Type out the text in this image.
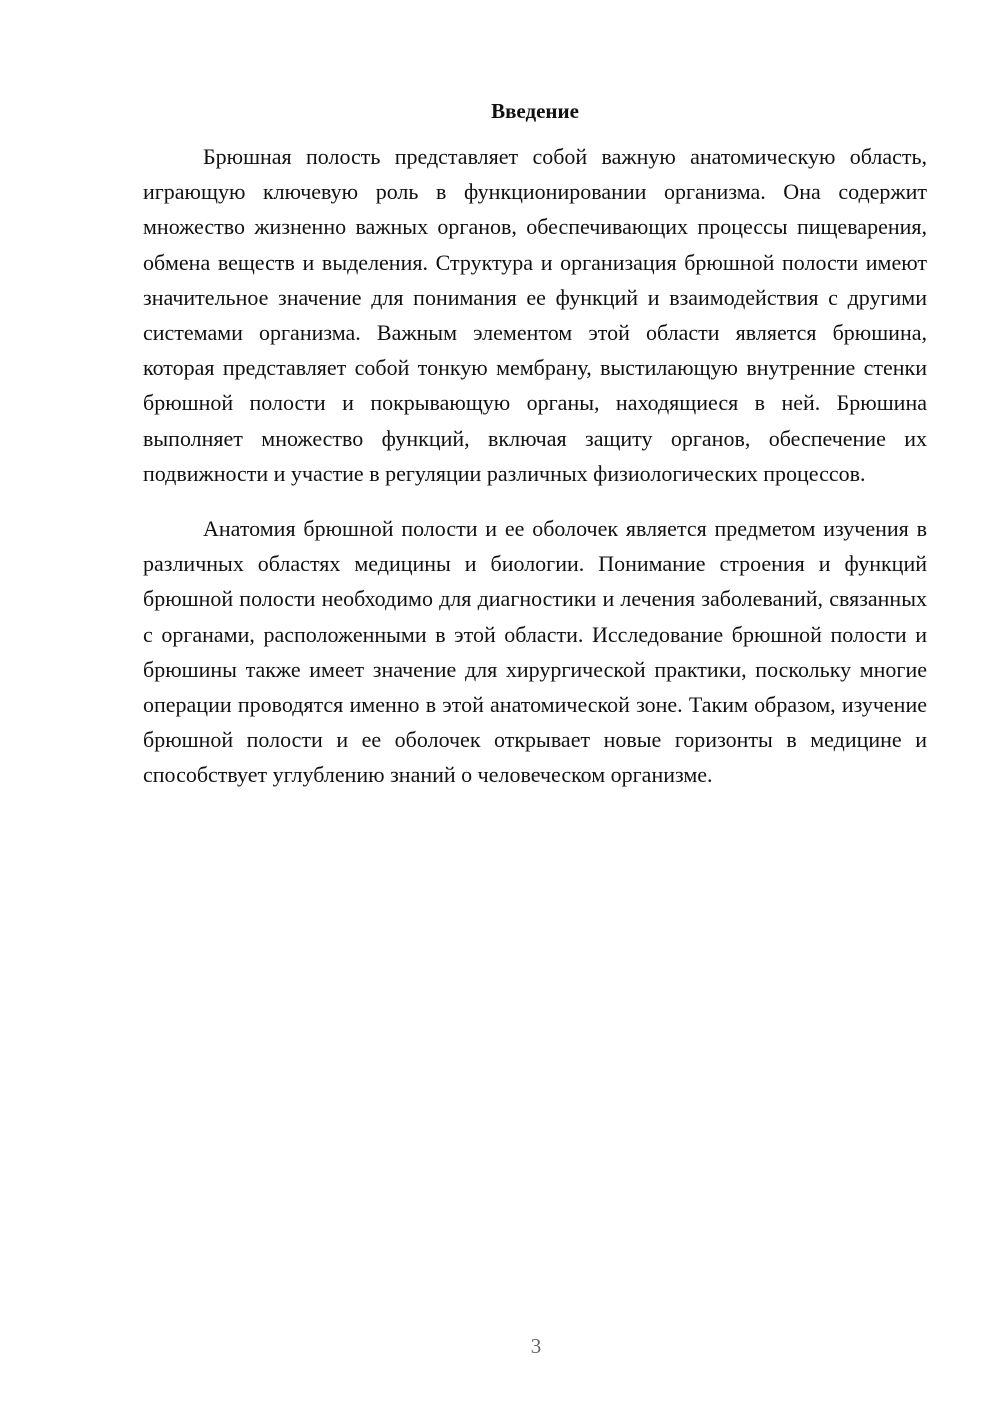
Введение

Брюшная полость представляет собой важную анатомическую область, играющую ключевую роль в функционировании организма. Она содержит множество жизненно важных органов, обеспечивающих процессы пищеварения, обмена веществ и выделения. Структура и организация брюшной полости имеют значительное значение для понимания ее функций и взаимодействия с другими системами организма. Важным элементом этой области является брюшина, которая представляет собой тонкую мембрану, выстилающую внутренние стенки брюшной полости и покрывающую органы, находящиеся в ней. Брюшина выполняет множество функций, включая защиту органов, обеспечение их подвижности и участие в регуляции различных физиологических процессов.

Анатомия брюшной полости и ее оболочек является предметом изучения в различных областях медицины и биологии. Понимание строения и функций брюшной полости необходимо для диагностики и лечения заболеваний, связанных с органами, расположенными в этой области. Исследование брюшной полости и брюшины также имеет значение для хирургической практики, поскольку многие операции проводятся именно в этой анатомической зоне. Таким образом, изучение брюшной полости и ее оболочек открывает новые горизонты в медицине и способствует углублению знаний о человеческом организме.

3
